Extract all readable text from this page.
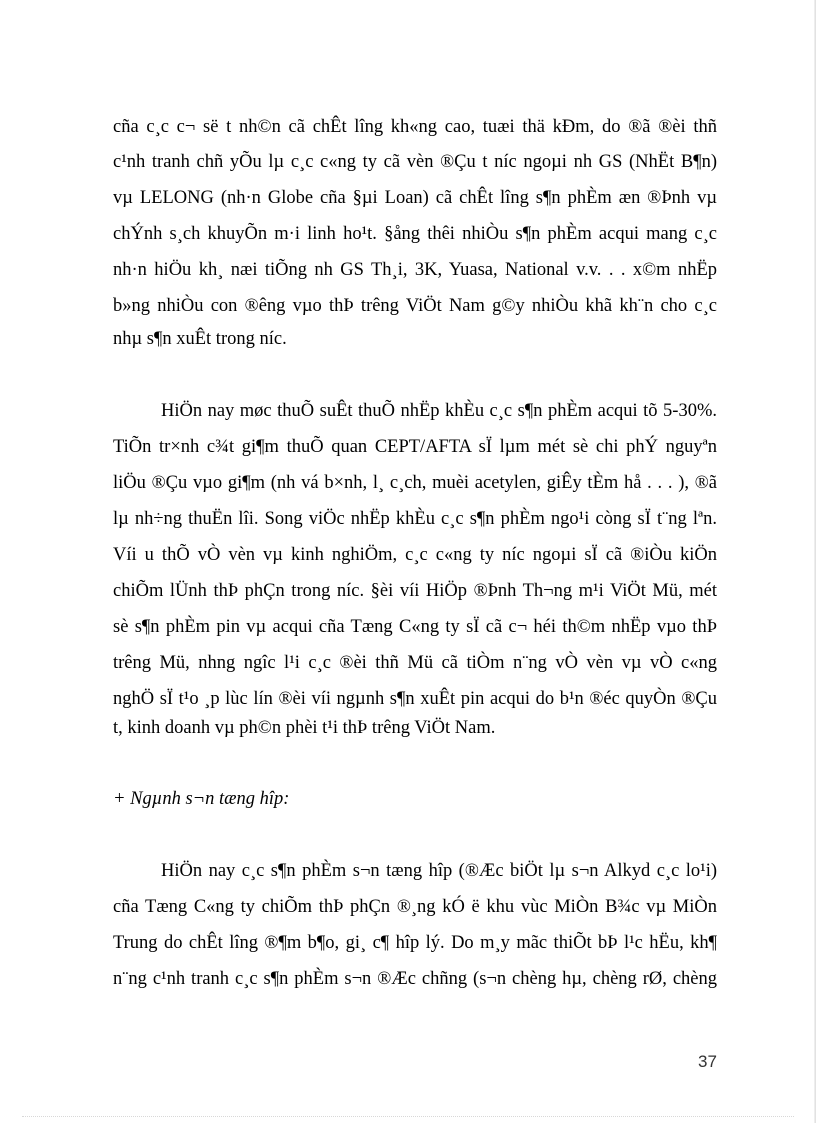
cña c¸c c¬ së t nh©n cã chÊt lîng kh«ng cao, tuæi thä kÐm, do ®ã ®èi thñ
c¹nh tranh chñ yÕu lµ c¸c c«ng ty cã vèn ®Çu t níc ngoµi nh GS (NhËt B¶n)
vµ LELONG (nh·n Globe cña §µi Loan) cã chÊt lîng s¶n phÈm æn ®Þnh vµ
chÝnh s¸ch khuyÕn m·i linh ho¹t. §ång thêi nhiÒu s¶n phÈm acqui mang c¸c
nh·n hiÖu kh¸ næi tiÕng nh GS Th¸i, 3K, Yuasa, National v.v. . . x©m nhËp
b»ng nhiÒu con ®êng vµo thÞ trêng ViÖt Nam g©y nhiÒu khã kh¨n cho c¸c
nhµ s¶n xuÊt trong níc.
HiÖn nay møc thuÕ suÊt thuÕ nhËp khÈu c¸c s¶n phÈm acqui tõ 5-30%.
TiÕn tr×nh c¾t gi¶m thuÕ quan CEPT/AFTA sÏ lµm mét sè chi phÝ nguyªn
liÖu ®Çu vµo gi¶m (nh vá b×nh, l¸ c¸ch, muèi acetylen, giÊy tÈm hå . . . ), ®ã
lµ nh÷ng thuËn lîi. Song viÖc nhËp khÈu c¸c s¶n phÈm ngo¹i còng sÏ t¨ng lªn.
Víi u thÕ vÒ vèn vµ kinh nghiÖm, c¸c c«ng ty níc ngoµi sÏ cã ®iÒu kiÖn
chiÕm lÜnh thÞ phÇn trong níc. §èi víi HiÖp ®Þnh Th¬ng m¹i ViÖt Mü, mét
sè s¶n phÈm pin vµ acqui cña Tæng C«ng ty sÏ cã c¬ héi th©m nhËp vµo thÞ
trêng Mü, nhng ngîc l¹i c¸c ®èi thñ Mü cã tiÒm n¨ng vÒ vèn vµ vÒ c«ng
nghÖ sÏ t¹o ¸p lùc lín ®èi víi ngµnh s¶n xuÊt pin acqui do b¹n ®éc quyÒn ®Çu
t, kinh doanh vµ ph©n phèi t¹i thÞ trêng ViÖt Nam.
+ Ngµnh s¬n tæng hîp:
HiÖn nay c¸c s¶n phÈm s¬n tæng hîp (®Æc biÖt lµ s¬n Alkyd c¸c lo¹i)
cña Tæng C«ng ty chiÕm thÞ phÇn ®¸ng kÓ ë khu vùc MiÒn B¾c vµ MiÒn
Trung do chÊt lîng ®¶m b¶o, gi¸ c¶ hîp lý. Do m¸y mãc thiÕt bÞ l¹c hËu, kh¶
n¨ng c¹nh tranh c¸c s¶n phÈm s¬n ®Æc chñng (s¬n chèng hµ, chèng rØ, chèng
37
